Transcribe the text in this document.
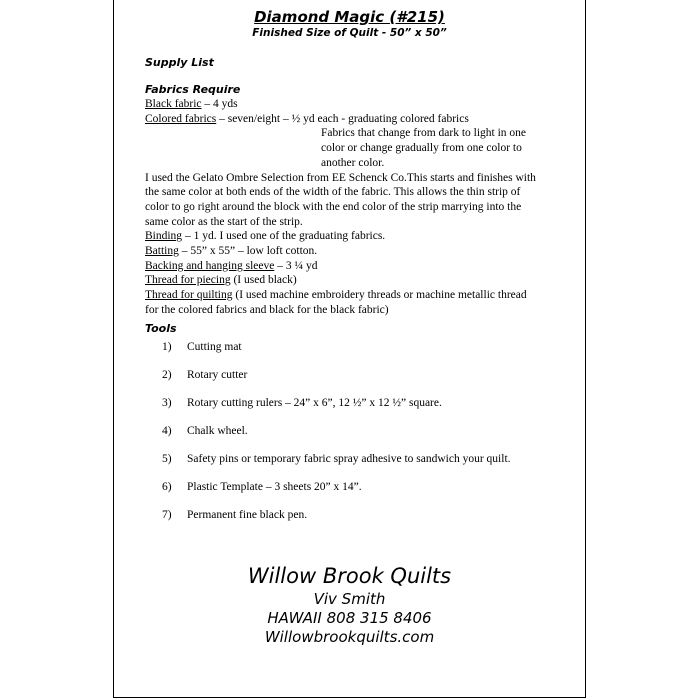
Diamond Magic (#215)
Finished Size of Quilt - 50” x 50”
Supply List
Fabrics Require
Black fabric – 4 yds
Colored fabrics – seven/eight – ½ yd each - graduating colored fabrics
Fabrics that change from dark to light in one
color or change gradually from one color to
another color.
I used the Gelato Ombre Selection from EE Schenck Co.This starts and finishes with
the same color at both ends of the width of the fabric. This allows the thin strip of
color to go right around the block with the end color of the strip marrying into the
same color as the start of the strip.
Binding – 1 yd. I used one of the graduating fabrics.
Batting – 55” x 55” – low loft cotton.
Backing and hanging sleeve – 3 ¼ yd
Thread for piecing (I used black)
Thread for quilting (I used machine embroidery threads or machine metallic thread
for the colored fabrics and black for the black fabric)
Tools
1) Cutting mat
2) Rotary cutter
3) Rotary cutting rulers – 24” x 6”, 12 ½” x 12 ½” square.
4) Chalk wheel.
5) Safety pins or temporary fabric spray adhesive to sandwich your quilt.
6) Plastic Template – 3 sheets 20” x 14”.
7) Permanent fine black pen.
Willow Brook Quilts
Viv Smith
HAWAII 808 315 8406
Willowbrookquilts.com
